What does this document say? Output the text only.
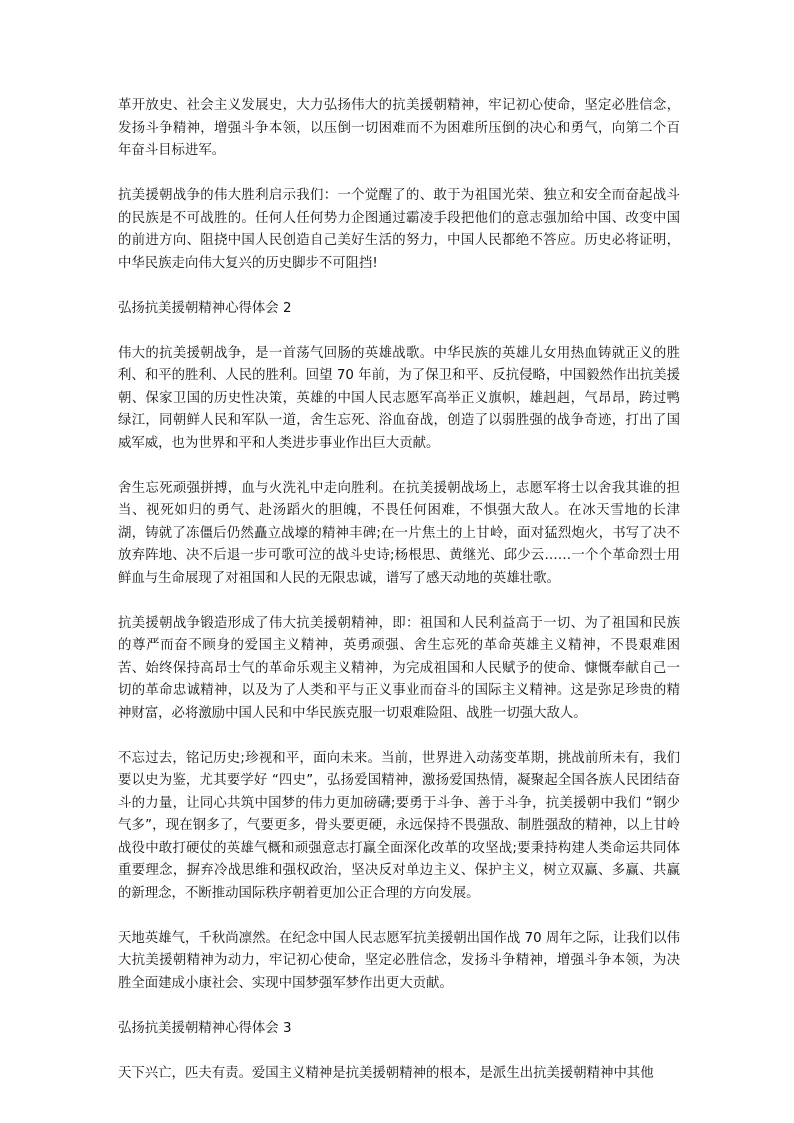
革开放史、社会主义发展史，大力弘扬伟大的抗美援朝精神，牢记初心使命，坚定必胜信念，发扬斗争精神，增强斗争本领，以压倒一切困难而不为困难所压倒的决心和勇气，向第二个百年奋斗目标进军。

抗美援朝战争的伟大胜利启示我们：一个觉醒了的、敢于为祖国光荣、独立和安全而奋起战斗的民族是不可战胜的。任何人任何势力企图通过霸凌手段把他们的意志强加给中国、改变中国的前进方向、阻挠中国人民创造自己美好生活的努力，中国人民都绝不答应。历史必将证明，中华民族走向伟大复兴的历史脚步不可阻挡!

弘扬抗美援朝精神心得体会 2

伟大的抗美援朝战争，是一首荡气回肠的英雄战歌。中华民族的英雄儿女用热血铸就正义的胜利、和平的胜利、人民的胜利。回望 70 年前，为了保卫和平、反抗侵略，中国毅然作出抗美援朝、保家卫国的历史性决策，英雄的中国人民志愿军高举正义旗帜，雄赳赳，气昂昂，跨过鸭绿江，同朝鲜人民和军队一道，舍生忘死、浴血奋战，创造了以弱胜强的战争奇迹，打出了国威军威，也为世界和平和人类进步事业作出巨大贡献。

舍生忘死顽强拼搏，血与火洗礼中走向胜利。在抗美援朝战场上，志愿军将士以舍我其谁的担当、视死如归的勇气、赴汤蹈火的胆魄，不畏任何困难，不惧强大敌人。在冰天雪地的长津湖，铸就了冻僵后仍然矗立战壕的精神丰碑;在一片焦土的上甘岭，面对猛烈炮火，书写了决不放弃阵地、决不后退一步可歌可泣的战斗史诗;杨根思、黄继光、邱少云……一个个革命烈士用鲜血与生命展现了对祖国和人民的无限忠诚，谱写了感天动地的英雄壮歌。

抗美援朝战争锻造形成了伟大抗美援朝精神，即：祖国和人民利益高于一切、为了祖国和民族的尊严而奋不顾身的爱国主义精神，英勇顽强、舍生忘死的革命英雄主义精神，不畏艰难困苦、始终保持高昂士气的革命乐观主义精神，为完成祖国和人民赋予的使命、慷慨奉献自己一切的革命忠诚精神，以及为了人类和平与正义事业而奋斗的国际主义精神。这是弥足珍贵的精神财富，必将激励中国人民和中华民族克服一切艰难险阻、战胜一切强大敌人。

不忘过去，铭记历史;珍视和平，面向未来。当前，世界进入动荡变革期，挑战前所未有，我们要以史为鉴，尤其要学好 “四史”，弘扬爱国精神，激扬爱国热情，凝聚起全国各族人民团结奋斗的力量，让同心共筑中国梦的伟力更加磅礴;要勇于斗争、善于斗争，抗美援朝中我们 “钢少气多”，现在钢多了，气要更多，骨头要更硬，永远保持不畏强敌、制胜强敌的精神，以上甘岭战役中敢打硬仗的英雄气概和顽强意志打赢全面深化改革的攻坚战;要秉持构建人类命运共同体重要理念，摒弃冷战思维和强权政治，坚决反对单边主义、保护主义，树立双赢、多赢、共赢的新理念，不断推动国际秩序朝着更加公正合理的方向发展。

天地英雄气，千秋尚凛然。在纪念中国人民志愿军抗美援朝出国作战 70 周年之际，让我们以伟大抗美援朝精神为动力，牢记初心使命，坚定必胜信念，发扬斗争精神，增强斗争本领，为决胜全面建成小康社会、实现中国梦强军梦作出更大贡献。

弘扬抗美援朝精神心得体会 3

天下兴亡，匹夫有责。爱国主义精神是抗美援朝精神的根本，是派生出抗美援朝精神中其他
